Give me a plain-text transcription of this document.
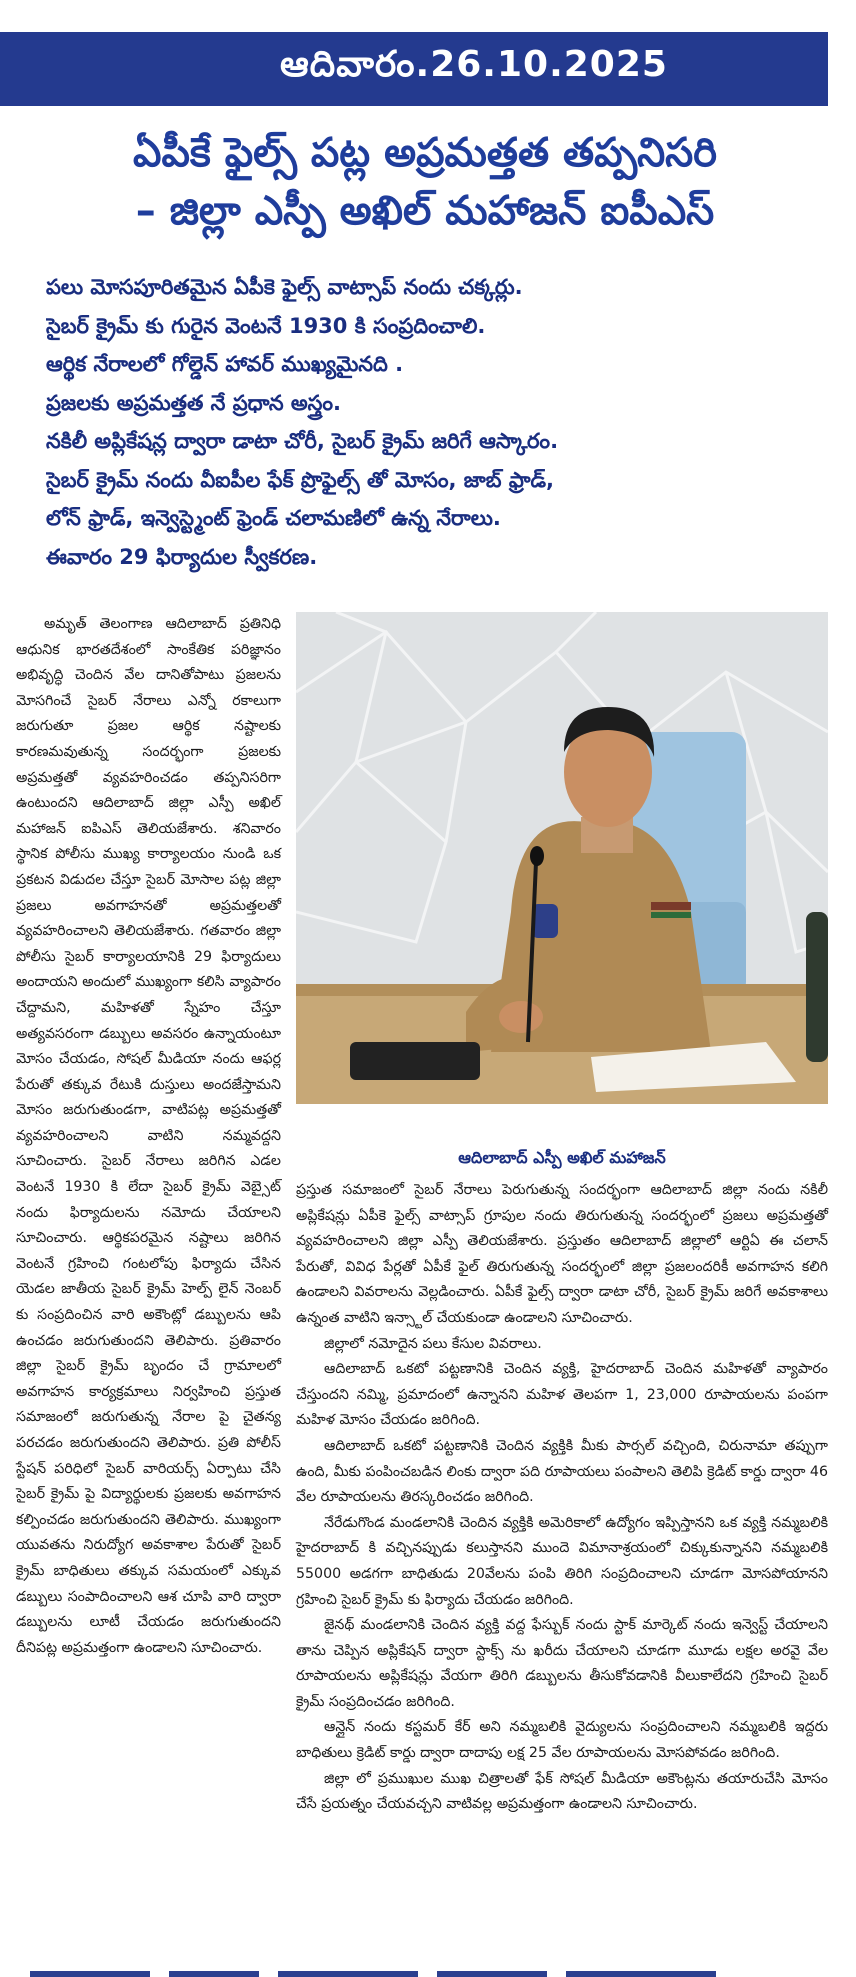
ఆదివారం.26.10.2025
ఏపీకే ఫైల్స్ పట్ల అప్రమత్తత తప్పనిసరి
– జిల్లా ఎస్పీ అఖిల్ మహాజన్ ఐపీఎస్
పలు మోసపూరితమైన ఏపీకె ఫైల్స్ వాట్సాప్ నందు చక్కర్లు.
సైబర్ క్రైమ్ కు గురైన వెంటనే 1930 కి సంప్రదించాలి.
ఆర్థిక నేరాలలో గోల్డెన్ హావర్ ముఖ్యమైనది .
ప్రజలకు అప్రమత్తత నే ప్రధాన అస్త్రం.
నకిలీ అప్లికేషన్ల ద్వారా డాటా చోరీ, సైబర్ క్రైమ్ జరిగే ఆస్కారం.
సైబర్ క్రైమ్ నందు వీఐపీల ఫేక్ ప్రొఫైల్స్ తో మోసం, జాబ్ ఫ్రాడ్,
లోన్ ఫ్రాడ్, ఇన్వెస్ట్మెంట్ ఫ్రెండ్ చలామణిలో ఉన్న నేరాలు.
ఈవారం 29 ఫిర్యాదుల స్వీకరణ.

అమృత్ తెలంగాణ ఆదిలాబాద్ ప్రతినిధి ఆధునిక భారతదేశంలో సాంకేతిక పరిజ్ఞానం అభివృద్ధి చెందిన వేల దానితోపాటు ప్రజలను మోసగించే సైబర్ నేరాలు ఎన్నో రకాలుగా జరుగుతూ ప్రజల ఆర్థిక నష్టాలకు కారణమవుతున్న సందర్భంగా ప్రజలకు అప్రమత్తతో వ్యవహరించడం తప్పనిసరిగా ఉంటుందని ఆదిలాబాద్ జిల్లా ఎస్పీ అఖిల్ మహాజన్ ఐపిఎస్ తెలియజేశారు. శనివారం స్థానిక పోలీసు ముఖ్య కార్యాలయం నుండి ఒక ప్రకటన విడుదల చేస్తూ సైబర్ మోసాల పట్ల జిల్లా ప్రజలు అవగాహనతో అప్రమత్తలతో వ్యవహరించాలని తెలియజేశారు. గతవారం జిల్లా పోలీసు సైబర్ కార్యాలయానికి 29 ఫిర్యాదులు అందాయని అందులో ముఖ్యంగా కలిసి వ్యాపారం చేద్దామని, మహిళతో స్నేహం చేస్తూ అత్యవసరంగా డబ్బులు అవసరం ఉన్నాయంటూ మోసం చేయడం, సోషల్ మీడియా నందు ఆఫర్ల పేరుతో తక్కువ రేటుకి దుస్తులు అందజేస్తామని మోసం జరుగుతుండగా, వాటిపట్ల అప్రమత్తతో వ్యవహరించాలని వాటిని నమ్మవద్దని సూచించారు. సైబర్ నేరాలు జరిగిన ఎడల వెంటనే 1930 కి లేదా సైబర్ క్రైమ్ వెబ్సైట్ నందు ఫిర్యాదులను నమోదు చేయాలని సూచించారు. ఆర్థికపరమైన నష్టాలు జరిగిన వెంటనే గ్రహించి గంటలోపు ఫిర్యాదు చేసిన యెడల జాతీయ సైబర్ క్రైమ్ హెల్ప్ లైన్ నెంబర్ కు సంప్రదించిన వారి అకౌంట్లో డబ్బులను ఆపి ఉంచడం జరుగుతుందని తెలిపారు. ప్రతివారం జిల్లా సైబర్ క్రైమ్ బృందం చే గ్రామాలలో అవగాహన కార్యక్రమాలు నిర్వహించి ప్రస్తుత సమాజంలో జరుగుతున్న నేరాల పై చైతన్య పరచడం జరుగుతుందని తెలిపారు. ప్రతి పోలీస్ స్టేషన్ పరిధిలో సైబర్ వారియర్స్ ఏర్పాటు చేసి సైబర్ క్రైమ్ పై విద్యార్థులకు ప్రజలకు అవగాహన కల్పించడం జరుగుతుందని తెలిపారు. ముఖ్యంగా యువతను నిరుద్యోగ అవకాశాల పేరుతో సైబర్ క్రైమ్ బాధితులు తక్కువ సమయంలో ఎక్కువ డబ్బులు సంపాదించాలని ఆశ చూపి వారి ద్వారా డబ్బులను లూటీ చేయడం జరుగుతుందని దీనిపట్ల అప్రమత్తంగా ఉండాలని సూచించారు.

ఆదిలాబాద్ ఎస్పీ అఖిల్ మహాజన్

ప్రస్తుత సమాజంలో సైబర్ నేరాలు పెరుగుతున్న సందర్భంగా ఆదిలాబాద్ జిల్లా నందు నకిలీ అప్లికేషన్లు ఏపీకె ఫైల్స్ వాట్సాప్ గ్రూపుల నందు తిరుగుతున్న సందర్భంలో ప్రజలు అప్రమత్తతో వ్యవహరించాలని జిల్లా ఎస్పీ తెలియజేశారు. ప్రస్తుతం ఆదిలాబాద్ జిల్లాలో ఆర్టిఏ ఈ చలాన్ పేరుతో, వివిధ పేర్లతో ఏపీకే ఫైల్ తిరుగుతున్న సందర్భంలో జిల్లా ప్రజలందరికీ అవగాహన కలిగి ఉండాలని వివరాలను వెల్లడించారు. ఏపీకే ఫైల్స్ ద్వారా డాటా చోరీ, సైబర్ క్రైమ్ జరిగే అవకాశాలు ఉన్నంత వాటిని ఇన్స్టాల్ చేయకుండా ఉండాలని సూచించారు.

జిల్లాలో నమోదైన పలు కేసుల వివరాలు.

ఆదిలాబాద్ ఒకటో పట్టణానికి చెందిన వ్యక్తి, హైదరాబాద్ చెందిన మహిళతో వ్యాపారం చేస్తుందని నమ్మి, ప్రమాదంలో ఉన్నానని మహిళ తెలపగా 1, 23,000 రూపాయలను పంపగా మహిళ మోసం చేయడం జరిగింది.

ఆదిలాబాద్ ఒకటో పట్టణానికి చెందిన వ్యక్తికి మీకు పార్సల్ వచ్చింది, చిరునామా తప్పుగా ఉంది, మీకు పంపించబడిన లింకు ద్వారా పది రూపాయలు పంపాలని తెలిపి క్రెడిట్ కార్డు ద్వారా 46 వేల రూపాయలను తిరస్కరించడం జరిగింది.

నేరేడుగొండ మండలానికి చెందిన వ్యక్తికి అమెరికాలో ఉద్యోగం ఇప్పిస్తానని ఒక వ్యక్తి నమ్మబలికి హైదరాబాద్ కి వచ్చినప్పుడు కలుస్తానని ముందె విమానాశ్రయంలో చిక్కుకున్నానని నమ్మబలికి 55000 అడగగా బాధితుడు 20వేలను పంపి తిరిగి సంప్రదించాలని చూడగా మోసపోయానని గ్రహించి సైబర్ క్రైమ్ కు ఫిర్యాదు చేయడం జరిగింది.

జైనథ్ మండలానికి చెందిన వ్యక్తి వద్ద ఫేస్బుక్ నందు స్టాక్ మార్కెట్ నందు ఇన్వెస్ట్ చేయాలని తాను చెప్పిన అప్లికేషన్ ద్వారా స్టాక్స్ ను ఖరీదు చేయాలని చూడగా మూడు లక్షల అరవై వేల రూపాయలను అప్లికేషన్లు వేయగా తిరిగి డబ్బులను తీసుకోవడానికి వీలుకాలేదని గ్రహించి సైబర్ క్రైమ్ సంప్రదించడం జరిగింది.

ఆన్లైన్ నందు కస్టమర్ కేర్ అని నమ్మబలికి వైద్యులను సంప్రదించాలని నమ్మబలికి ఇద్దరు బాధితులు క్రెడిట్ కార్డు ద్వారా దాదాపు లక్ష 25 వేల రూపాయలను మోసపోవడం జరిగింది.

జిల్లా లో ప్రముఖుల ముఖ చిత్రాలతో ఫేక్ సోషల్ మీడియా అకౌంట్లను తయారుచేసి మోసం చేసే ప్రయత్నం చేయవచ్చని వాటివల్ల అప్రమత్తంగా ఉండాలని సూచించారు.
